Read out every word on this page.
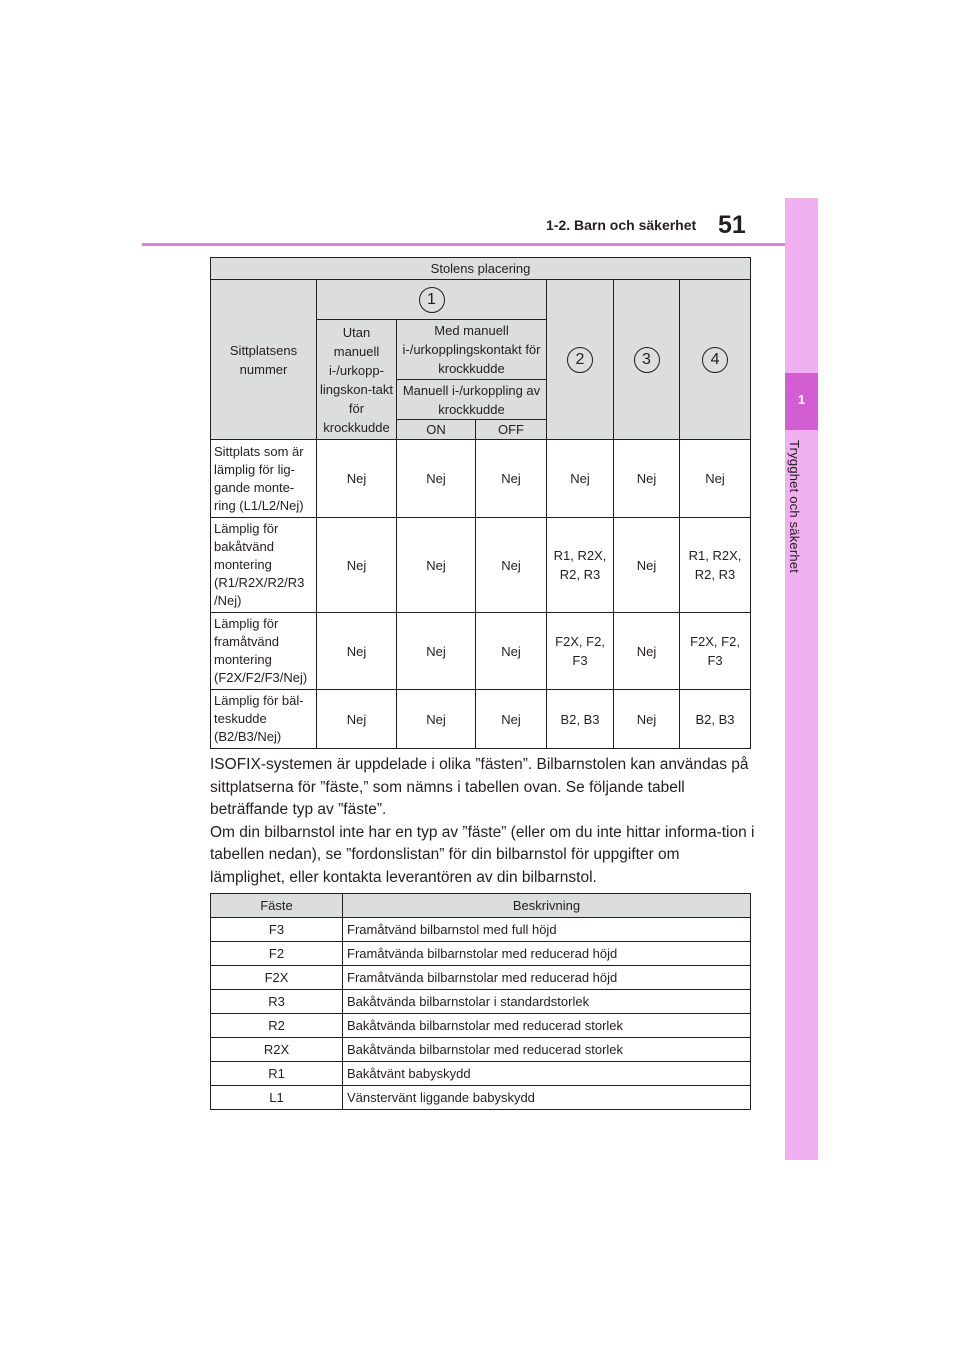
1-2. Barn och säkerhet 51
1
Trygghet och säkerhet
Stolens placering						
Sittplatsens nummer	1			2	3	4
	Utan manuell i-/urkopp-lingskon-takt för krockkudde	Med manuell i-/urkopplingskontakt för krockkudde				
		Manuell i-/urkoppling av krockkudde				
		ON	OFF			

Sittplats som är lämplig för lig-gande monte-ring (L1/L2/Nej)	Nej	Nej	Nej	Nej	Nej	Nej
Lämplig för bakåtvänd montering (R1/R2X/R2/R3 /Nej)	Nej	Nej	Nej	R1, R2X, R2, R3	Nej	R1, R2X, R2, R3
Lämplig för framåtvänd montering (F2X/F2/F3/Nej)	Nej	Nej	Nej	F2X, F2, F3	Nej	F2X, F2, F3
Lämplig för bäl-teskudde (B2/B3/Nej)	Nej	Nej	Nej	B2, B3	Nej	B2, B3

ISOFIX-systemen är uppdelade i olika ”fästen”. Bilbarnstolen kan användas på sittplatserna för ”fäste,” som nämns i tabellen ovan. Se följande tabell beträffande typ av ”fäste”.

Om din bilbarnstol inte har en typ av ”fäste” (eller om du inte hittar informa-tion i tabellen nedan), se ”fordonslistan” för din bilbarnstol för uppgifter om lämplighet, eller kontakta leverantören av din bilbarnstol.

Fäste	Beskrivning
F3	Framåtvänd bilbarnstol med full höjd
F2	Framåtvända bilbarnstolar med reducerad höjd
F2X	Framåtvända bilbarnstolar med reducerad höjd
R3	Bakåtvända bilbarnstolar i standardstorlek
R2	Bakåtvända bilbarnstolar med reducerad storlek
R2X	Bakåtvända bilbarnstolar med reducerad storlek
R1	Bakåtvänt babyskydd
L1	Vänstervänt liggande babyskydd
